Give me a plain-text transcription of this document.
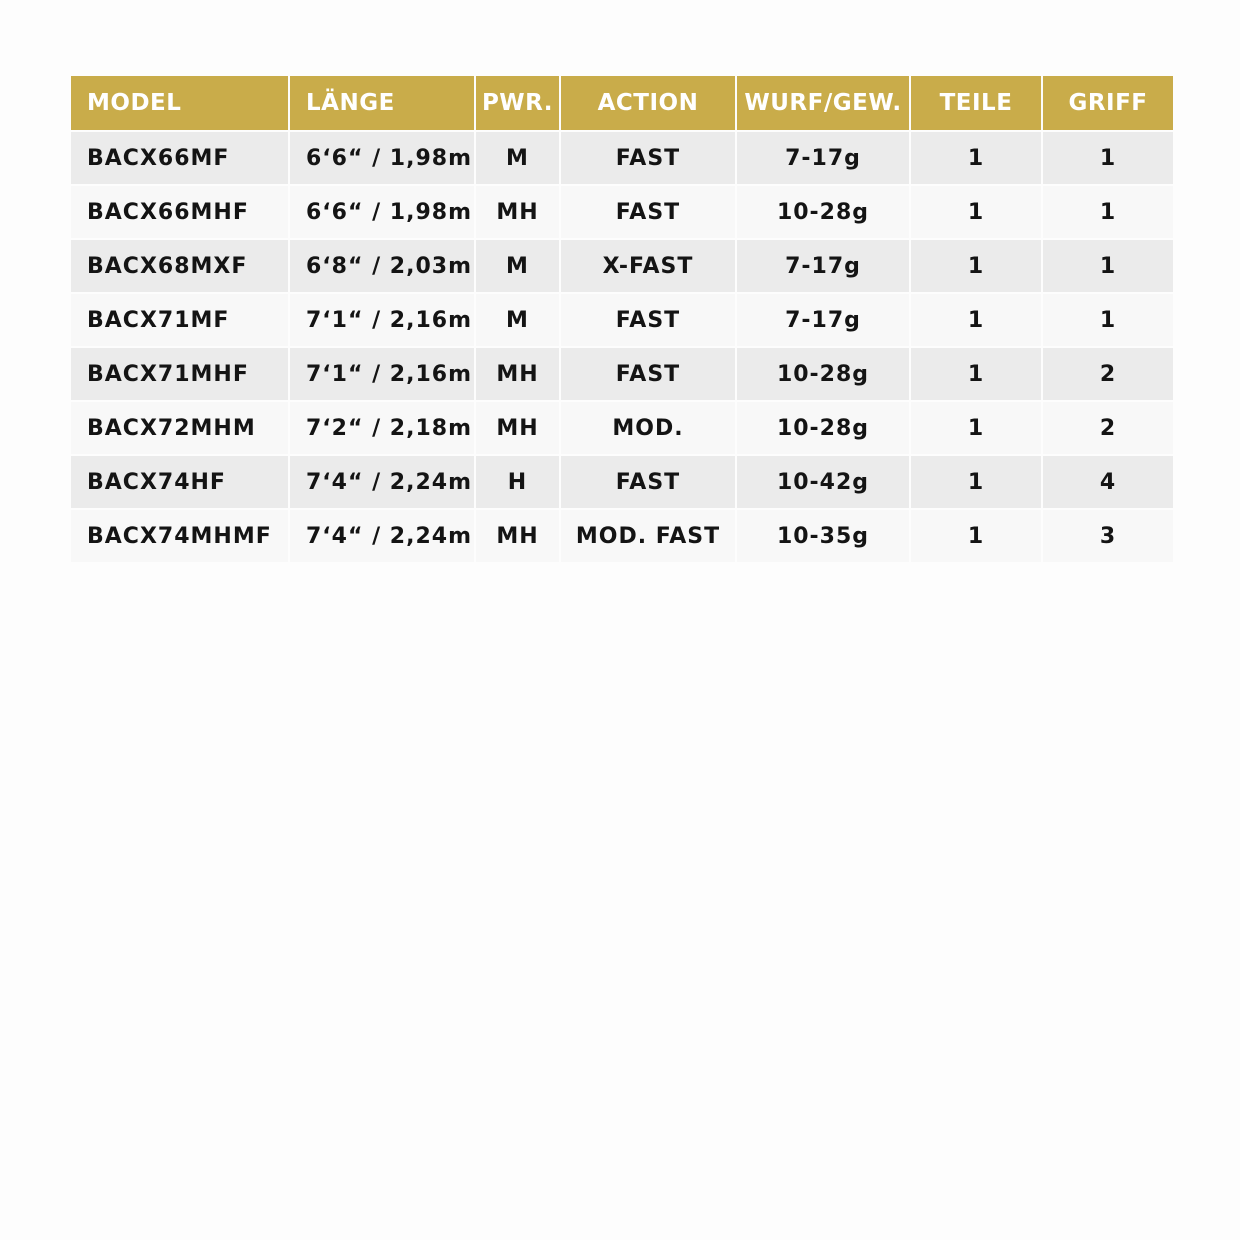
MODEL	LÄNGE	PWR.	ACTION	WURF/GEW.	TEILE	GRIFF
BACX66MF	6‘6“ / 1,98m	M	FAST	7-17g	1	1
BACX66MHF	6‘6“ / 1,98m	MH	FAST	10-28g	1	1
BACX68MXF	6‘8“ / 2,03m	M	X-FAST	7-17g	1	1
BACX71MF	7‘1“ / 2,16m	M	FAST	7-17g	1	1
BACX71MHF	7‘1“ / 2,16m	MH	FAST	10-28g	1	2
BACX72MHM	7‘2“ / 2,18m	MH	MOD.	10-28g	1	2
BACX74HF	7‘4“ / 2,24m	H	FAST	10-42g	1	4
BACX74MHMF	7‘4“ / 2,24m	MH	MOD. FAST	10-35g	1	3
